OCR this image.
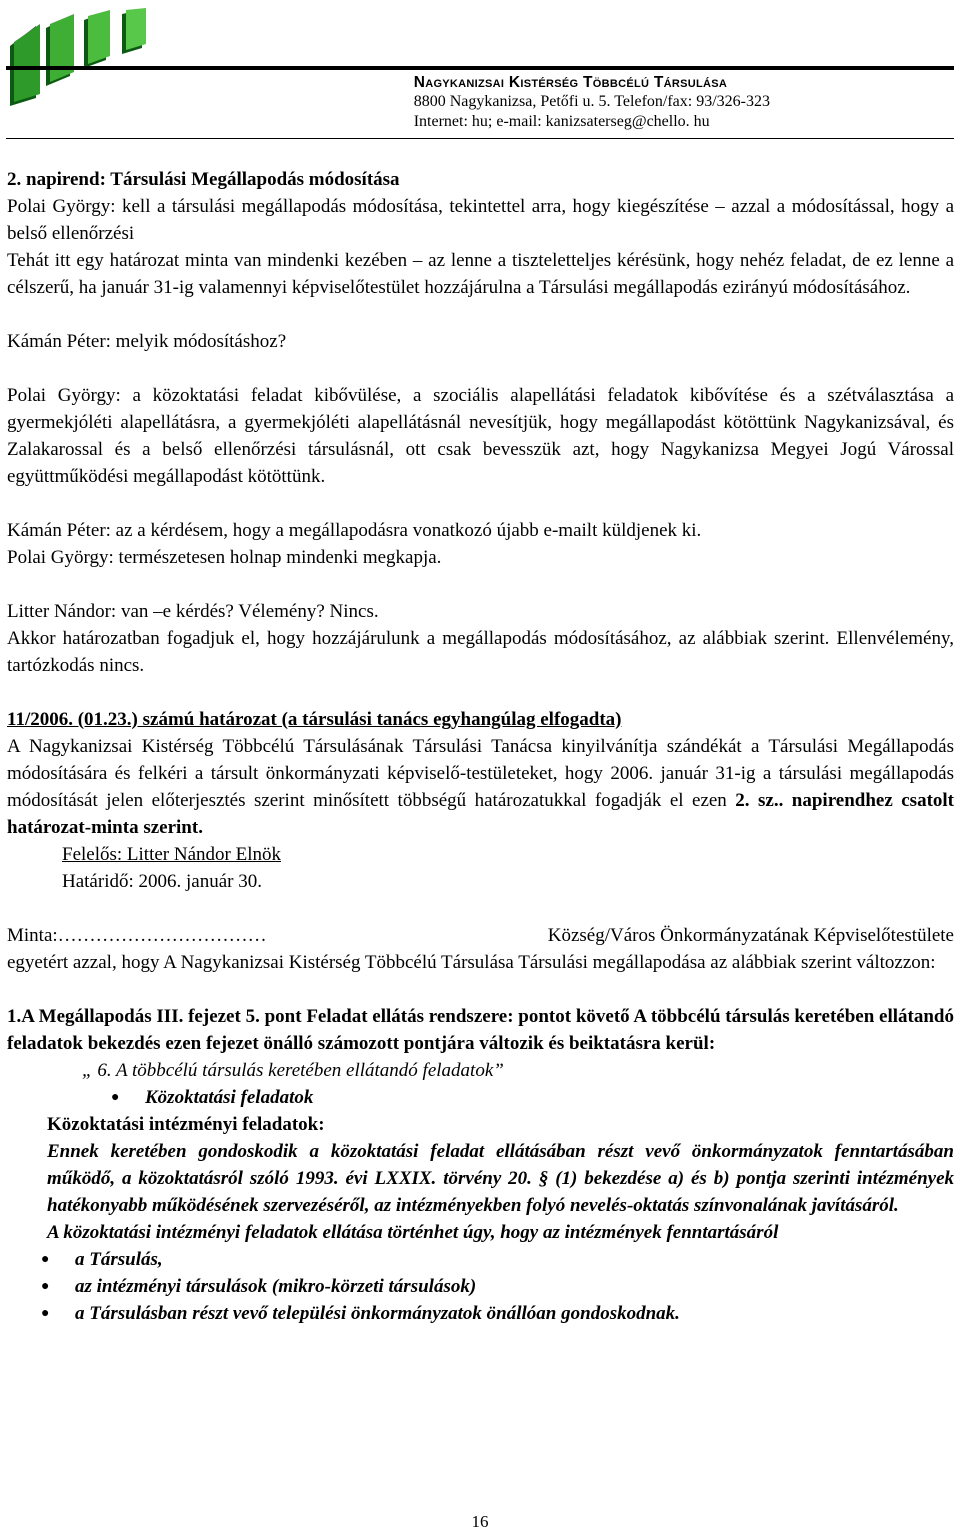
Nagykanizsai Kistérség Többcélú Társulása
8800 Nagykanizsa, Petőfi u. 5. Telefon/fax: 93/326-323
Internet: hu; e-mail: kanizsaterseg@chello. hu

2. napirend: Társulási Megállapodás módosítása

Polai György: kell a társulási megállapodás módosítása, tekintettel arra, hogy kiegészítése – azzal a módosítással, hogy a belső ellenőrzési

Tehát itt egy határozat minta van mindenki kezében – az lenne a tiszteletteljes kérésünk, hogy nehéz feladat, de ez lenne a célszerű, ha január 31-ig valamennyi képviselőtestület hozzájárulna a Társulási megállapodás ezirányú módosításához.

Kámán Péter: melyik módosításhoz?

Polai György: a közoktatási feladat kibővülése, a szociális alapellátási feladatok kibővítése és a szétválasztása a gyermekjóléti alapellátásra, a gyermekjóléti alapellátásnál nevesítjük, hogy megállapodást kötöttünk Nagykanizsával, és Zalakarossal és a belső ellenőrzési társulásnál, ott csak bevesszük azt, hogy Nagykanizsa Megyei Jogú Várossal együttműködési megállapodást kötöttünk.

Kámán Péter: az a kérdésem, hogy a megállapodásra vonatkozó újabb e-mailt küldjenek ki.

Polai György: természetesen holnap mindenki megkapja.

Litter Nándor: van –e kérdés? Vélemény? Nincs.

Akkor határozatban fogadjuk el, hogy hozzájárulunk a megállapodás módosításához, az alábbiak szerint. Ellenvélemény, tartózkodás nincs.

11/2006. (01.23.) számú határozat (a társulási tanács egyhangúlag elfogadta)

A Nagykanizsai Kistérség Többcélú Társulásának Társulási Tanácsa kinyilvánítja szándékát a Társulási Megállapodás módosítására és felkéri a társult önkormányzati képviselő-testületeket, hogy 2006. január 31-ig a társulási megállapodás módosítását jelen előterjesztés szerint minősített többségű határozatukkal fogadják el ezen 2. sz.. napirendhez csatolt határozat-minta szerint.

Felelős: Litter Nándor Elnök

Határidő: 2006. január 30.

Minta:……………………………	Község/Város Önkormányzatának Képviselőtestülete

egyetért azzal, hogy A Nagykanizsai Kistérség Többcélú Társulása Társulási megállapodása az alábbiak szerint változzon:

1.A Megállapodás III. fejezet 5. pont Feladat ellátás rendszere: pontot követő A többcélú társulás keretében ellátandó feladatok bekezdés ezen fejezet önálló számozott pontjára változik és beiktatásra kerül:

„ 6. A többcélú társulás keretében ellátandó feladatok”

● Közoktatási feladatok

Közoktatási intézményi feladatok:

Ennek keretében gondoskodik a közoktatási feladat ellátásában részt vevő önkormányzatok fenntartásában működő, a közoktatásról szóló 1993. évi LXXIX. törvény 20. § (1) bekezdése a) és b) pontja szerinti intézmények hatékonyabb működésének szervezéséről, az intézményekben folyó nevelés-oktatás színvonalának javításáról.

A közoktatási intézményi feladatok ellátása történhet úgy, hogy az intézmények fenntartásáról

● a Társulás,

● az intézményi társulások (mikro-körzeti társulások)

● a Társulásban részt vevő települési önkormányzatok önállóan gondoskodnak.

16
